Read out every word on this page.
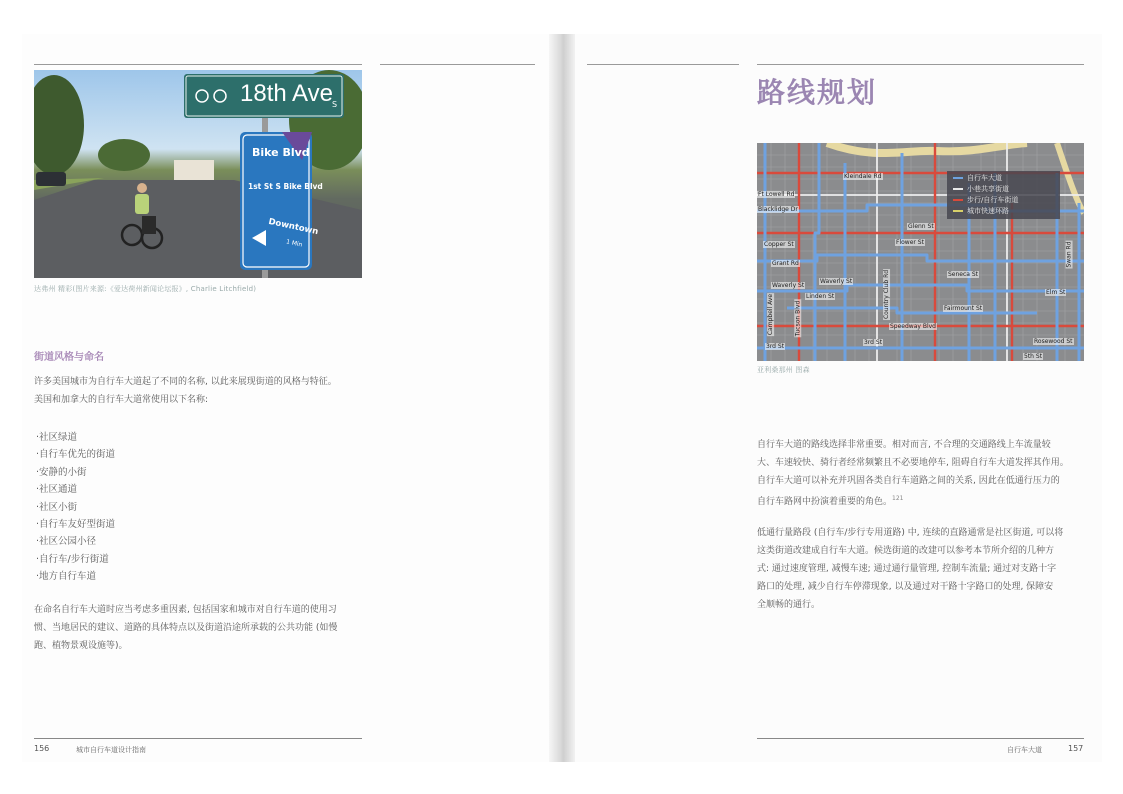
18th Ave S
Bike Blvd
1st St S Bike Blvd
Downtown
1 Min
达弗州 精彩(图片来源:《爱达荷州新闻论坛报》, Charlie Litchfield)
街道风格与命名
许多美国城市为自行车大道起了不同的名称, 以此来展现街道的风格与特征。
美国和加拿大的自行车大道常使用以下名称:
·社区绿道
·自行车优先的街道
·安静的小街
·社区通道
·社区小街
·自行车友好型街道
·社区公园小径
·自行车/步行街道
·地方自行车道
在命名自行车大道时应当考虑多重因素, 包括国家和城市对自行车道的使用习
惯、当地居民的建议、道路的具体特点以及街道沿途所承载的公共功能 (如慢
跑、植物景观设施等)。
156	城市自行车道设计指南
路线规划
Kleindale Rd
Ft Lowell Rd
Blacklidge Dr
Glenn St
Copper St	Flower St
Grant Rd
Seneca St
Waverly St
Waverly St
Linden St
Elm St
Fairmount St
Speedway Blvd
3rd St
3rd St	Rosewood St
5th St
Campbell Ave	Tucson Blvd	Country Club Rd
Swan Rd
自行车大道
小巷共享街道
步行/自行车街道
城市快速环路
亚利桑那州 图森
自行车大道的路线选择非常重要。相对而言, 不合理的交通路线上车流量较
大、车速较快、骑行者经常频繁且不必要地停车, 阻碍自行车大道发挥其作用。
自行车大道可以补充并巩固各类自行车道路之间的关系, 因此在低通行压力的
自行车路网中扮演着重要的角色。$^{121}$
低通行量路段 (自行车/步行专用道路) 中, 连续的直路通常是社区街道, 可以将
这类街道改建成自行车大道。候选街道的改建可以参考本节所介绍的几种方
式: 通过速度管理, 减慢车速; 通过通行量管理, 控制车流量; 通过对支路十字
路口的处理, 减少自行车停滞现象, 以及通过对干路十字路口的处理, 保障安
全顺畅的通行。
自行车大道	157
